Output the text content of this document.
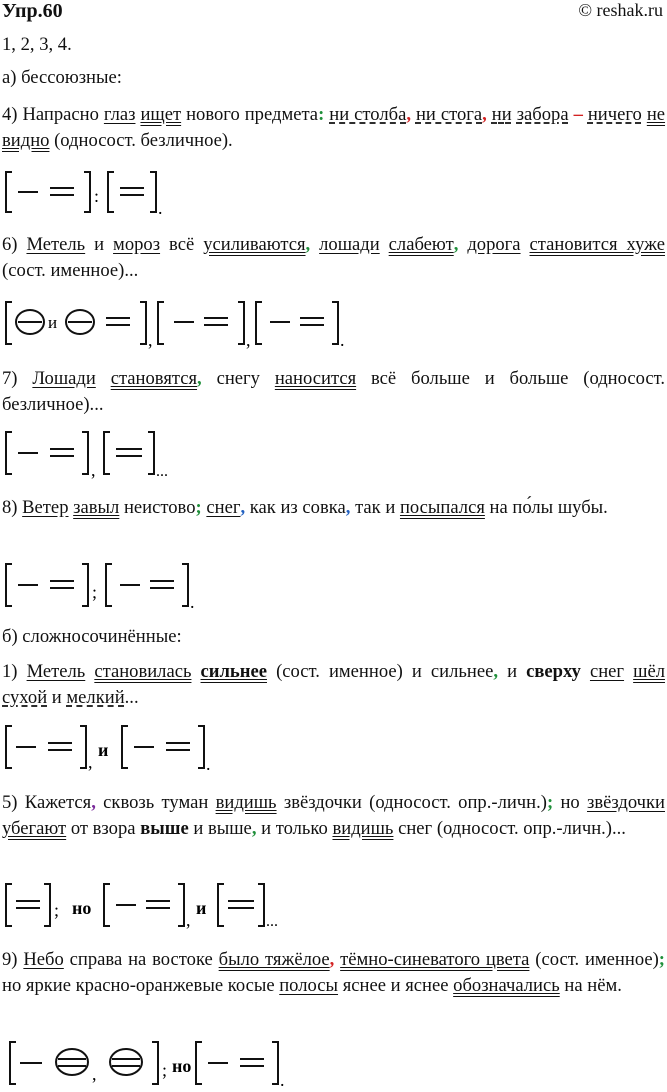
Упр.60	© reshak.ru
1, 2, 3, 4.
а) бессоюзные:
4) Напрасно глаз ищет нового предмета: ни столба, ни стога, ни забора – ничего не видно (односост. безличное).
:
.
6) Метель и мороз всё усиливаются, лошади слабеют, дорога становится хуже (сост. именное)...
и
,	,	.
7) Лошади становятся, снегу наносится всё больше и больше (односост. безличное)...
,	...
8) Ветер завыл неистово; снег, как из совка, так и посыпался на по́лы шубы.
;	.
б) сложносочинённые:
1) Метель становилась сильнее (сост. именное) и сильнее, и сверху снег шёл сухой и мелкий...
,
и
.
5) Кажется, сквозь туман видишь звёздочки (односост. опр.-личн.); но звёздочки убегают от взора выше и выше, и только видишь снег (односост. опр.-личн.)...
; но
,
и
...
9) Небо справа на востоке было тяжёлое, тёмно-синеватого цвета (сост. именное); но яркие красно-оранжевые косые полосы яснее и яснее обозначались на нём.
,	; но
.
